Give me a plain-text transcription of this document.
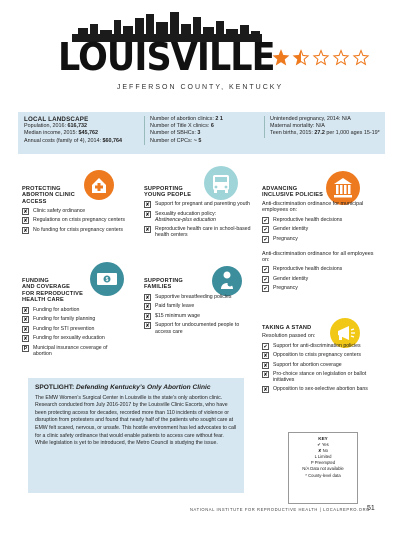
LOUISVILLE
JEFFERSON COUNTY, KENTUCKY
LOCAL LANDSCAPE
Population, 2016: 616,732
Median income, 2015: $45,762
Annual costs (family of 4), 2014: $60,764
Number of abortion clinics: 2 1
Number of Title X clinics: 6
Number of SBHCs: 3
Number of CPCs: ~ 5
Unintended pregnancy, 2014: N/A
Maternal mortality: N/A
Teen births, 2015: 27.2 per 1,000 ages 15-19*
$
PROTECTING
ABORTION CLINIC
ACCESS
✘ Clinic safety ordinance
✘ Regulations on crisis pregnancy centers
✘ No funding for crisis pregnancy centers
SUPPORTING
YOUNG PEOPLE
✘ Support for pregnant and parenting youth
✘ Sexuality education policy:
Abstinence-plus education
✘ Reproductive health care in school-based health centers
ADVANCING
INCLUSIVE POLICIES
Anti-discrimination ordinance for municipal employees on:
✔ Reproductive health decisions
✔ Gender identity
✔ Pregnancy
Anti-discrimination ordinance for all employees on:
✔ Reproductive health decisions
✔ Gender identity
✔ Pregnancy
FUNDING
AND COVERAGE
FOR REPRODUCTIVE
HEALTH CARE
✘ Funding for abortion
✘ Funding for family planning
✘ Funding for STI prevention
✘ Funding for sexuality education
P	Municipal insurance coverage of abortion
SUPPORTING
FAMILIES
✘ Supportive breastfeeding policies
✘ Paid family leave
✘ $15 minimum wage
✘ Support for undocumented people to access care
TAKING A STAND
Resolution passed on:
✔ Support for anti-discrimination policies
✘ Opposition to crisis pregnancy centers
✘ Support for abortion coverage
✘ Pro-choice stance on legislation or ballot initiatives
✘ Opposition to sex-selective abortion bans
SPOTLIGHT: Defending Kentucky’s Only Abortion Clinic
The EMW Women’s Surgical Center in Louisville is the state’s only abortion clinic. Research conducted from July 2016-2017 by the Louisville Clinic Escorts, who have been protecting access for decades, recorded more than 110 incidents of violence or disruption from protesters and found that nearly half of the patients who sought care at EMW felt scared, nervous, or unsafe. This hostile environment has led advocates to call for a clinic safety ordinance that would enable patients to access care without fear. While legislation is yet to be introduced, the Metro Council is studying the issue.
KEY
✔ Yes
✘ No
L Limited
P Preempted
N/A Data not available
* County-level data
NATIONAL INSTITUTE FOR REPRODUCTIVE HEALTH | LOCALREPRO.ORG
51
